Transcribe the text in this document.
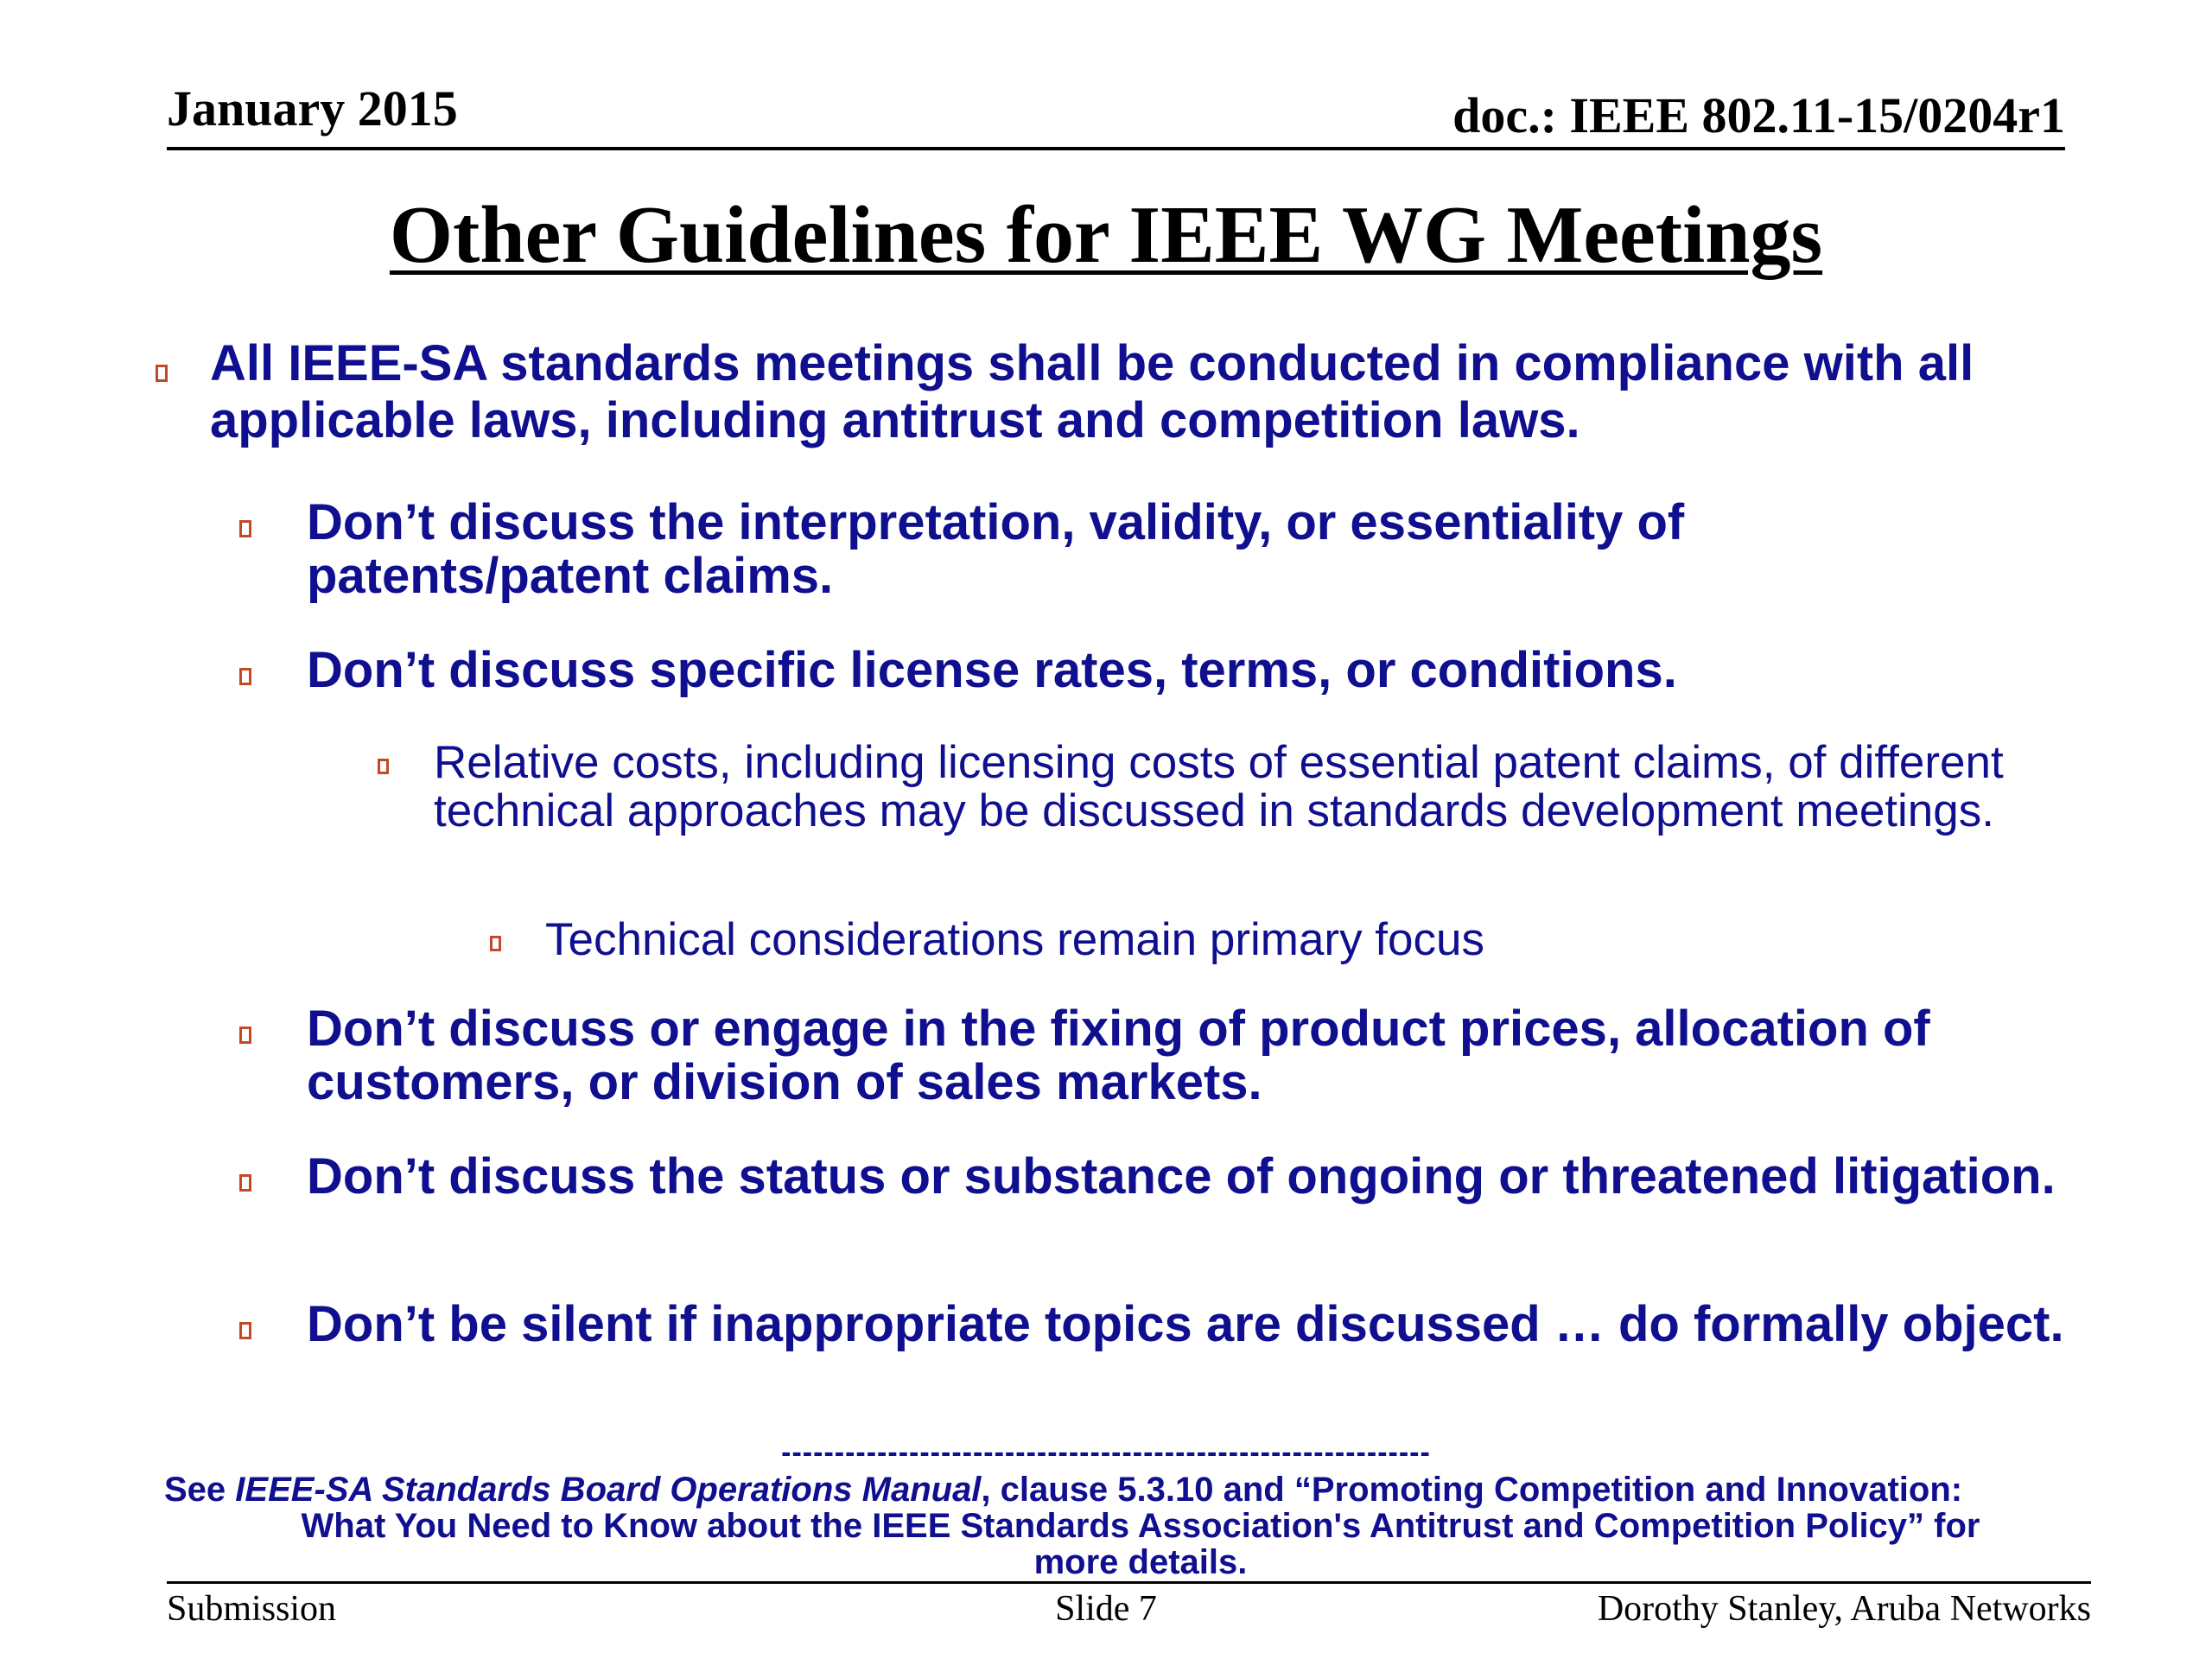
January 2015	doc.: IEEE 802.11-15/0204r1
Other Guidelines for IEEE WG Meetings
All IEEE-SA standards meetings shall be conducted in compliance with all applicable laws, including antitrust and competition laws.
Don’t discuss the interpretation, validity, or essentiality of patents/patent claims.
Don’t discuss specific license rates, terms, or conditions.
Relative costs, including licensing costs of essential patent claims, of different technical approaches may be discussed in standards development meetings.
Technical considerations remain primary focus
Don’t discuss or engage in the fixing of product prices, allocation of customers, or division of sales markets.
Don’t discuss the status or substance of ongoing or threatened litigation.
Don’t be silent if inappropriate topics are discussed … do formally object.
-------------------------------------------------------------
See IEEE-SA Standards Board Operations Manual, clause 5.3.10 and “Promoting Competition and Innovation:
What You Need to Know about the IEEE Standards Association's Antitrust and Competition Policy” for
more details.
Submission	Slide 7	Dorothy Stanley, Aruba Networks
